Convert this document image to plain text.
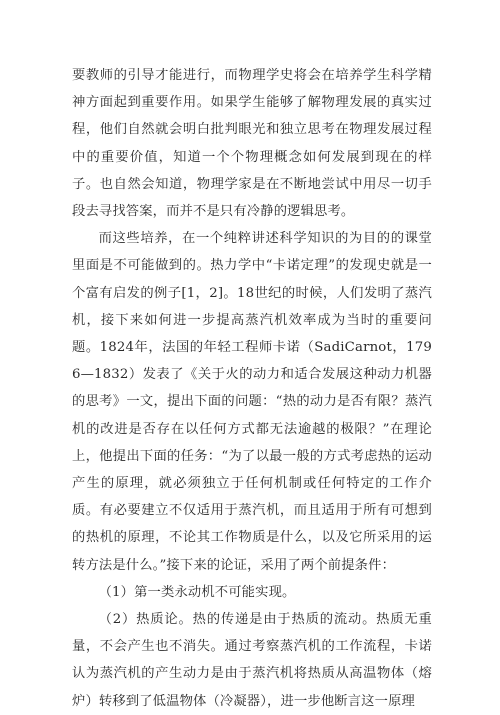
要教师的引导才能进行，而物理学史将会在培养学生科学精神方面起到重要作用。如果学生能够了解物理发展的真实过程，他们自然就会明白批判眼光和独立思考在物理发展过程中的重要价值，知道一个个物理概念如何发展到现在的样子。也自然会知道，物理学家是在不断地尝试中用尽一切手段去寻找答案，而并不是只有冷静的逻辑思考。

而这些培养，在一个纯粹讲述科学知识的为目的的课堂里面是不可能做到的。热力学中“卡诺定理”的发现史就是一个富有启发的例子[1，2]。18世纪的时候，人们发明了蒸汽机，接下来如何进一步提高蒸汽机效率成为当时的重要问题。1824年，法国的年轻工程师卡诺（SadiCarnot，1796—1832）发表了《关于火的动力和适合发展这种动力机器的思考》一文，提出下面的问题：“热的动力是否有限？蒸汽机的改进是否存在以任何方式都无法逾越的极限？”在理论上，他提出下面的任务：“为了以最一般的方式考虑热的运动产生的原理，就必须独立于任何机制或任何特定的工作介质。有必要建立不仅适用于蒸汽机，而且适用于所有可想到的热机的原理，不论其工作物质是什么，以及它所采用的运转方法是什么。”接下来的论证，采用了两个前提条件：

（1）第一类永动机不可能实现。

（2）热质论。热的传递是由于热质的流动。热质无重量，不会产生也不消失。通过考察蒸汽机的工作流程，卡诺认为蒸汽机的产生动力是由于蒸汽机将热质从高温物体（熔炉）转移到了低温物体（冷凝器），进一步他断言这一原理
